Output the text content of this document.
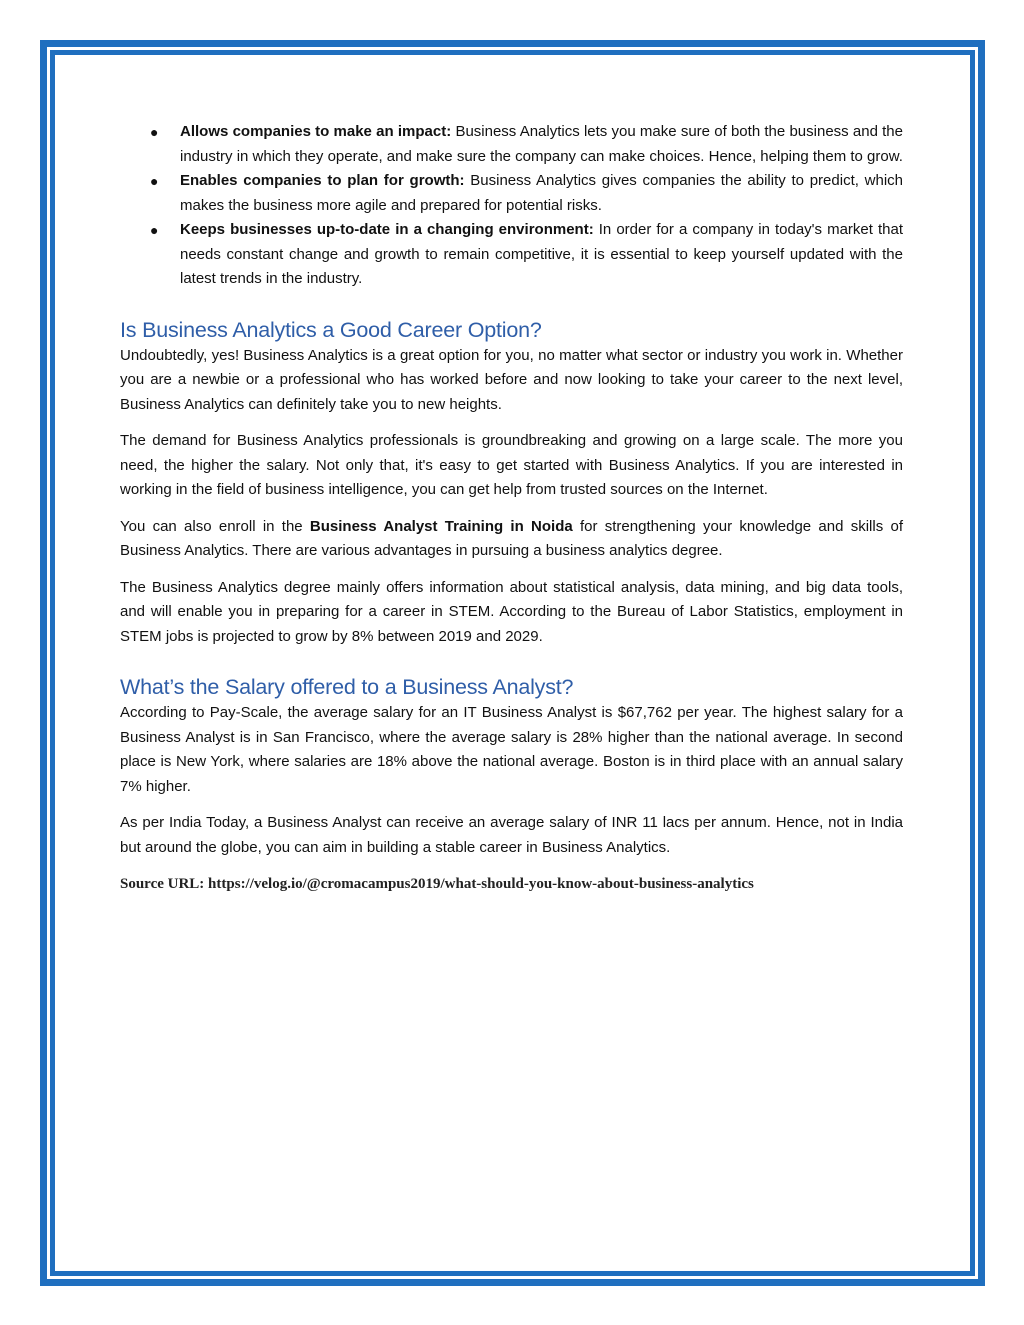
● Allows companies to make an impact: Business Analytics lets you make sure of both the business and the industry in which they operate, and make sure the company can make choices. Hence, helping them to grow.
● Enables companies to plan for growth: Business Analytics gives companies the ability to predict, which makes the business more agile and prepared for potential risks.
● Keeps businesses up-to-date in a changing environment: In order for a company in today's market that needs constant change and growth to remain competitive, it is essential to keep yourself updated with the latest trends in the industry.
Is Business Analytics a Good Career Option?

Undoubtedly, yes! Business Analytics is a great option for you, no matter what sector or industry you work in. Whether you are a newbie or a professional who has worked before and now looking to take your career to the next level, Business Analytics can definitely take you to new heights.

The demand for Business Analytics professionals is groundbreaking and growing on a large scale. The more you need, the higher the salary. Not only that, it's easy to get started with Business Analytics. If you are interested in working in the field of business intelligence, you can get help from trusted sources on the Internet.

You can also enroll in the Business Analyst Training in Noida for strengthening your knowledge and skills of Business Analytics. There are various advantages in pursuing a business analytics degree.

The Business Analytics degree mainly offers information about statistical analysis, data mining, and big data tools, and will enable you in preparing for a career in STEM. According to the Bureau of Labor Statistics, employment in STEM jobs is projected to grow by 8% between 2019 and 2029.

What’s the Salary offered to a Business Analyst?

According to Pay-Scale, the average salary for an IT Business Analyst is $67,762 per year. The highest salary for a Business Analyst is in San Francisco, where the average salary is 28% higher than the national average. In second place is New York, where salaries are 18% above the national average. Boston is in third place with an annual salary 7% higher.

As per India Today, a Business Analyst can receive an average salary of INR 11 lacs per annum. Hence, not in India but around the globe, you can aim in building a stable career in Business Analytics.

Source URL: https://velog.io/@cromacampus2019/what-should-you-know-about-business-analytics
